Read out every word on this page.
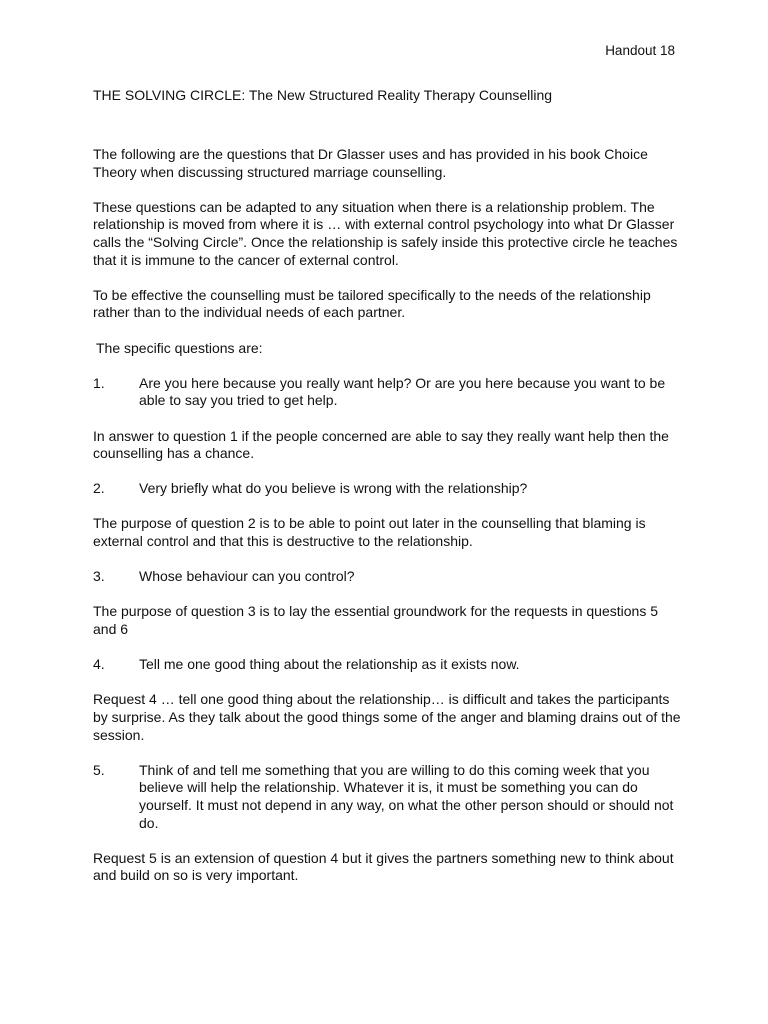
Handout 18

THE SOLVING CIRCLE: The New Structured Reality Therapy Counselling

The following are the questions that Dr Glasser uses and has provided in his book Choice Theory when discussing structured marriage counselling.

These questions can be adapted to any situation when there is a relationship problem. The relationship is moved from where it is … with external control psychology into what Dr Glasser calls the “Solving Circle”. Once the relationship is safely inside this protective circle he teaches that it is immune to the cancer of external control.

To be effective the counselling must be tailored specifically to the needs of the relationship rather than to the individual needs of each partner.

The specific questions are:

1.	Are you here because you really want help? Or are you here because you want to be able to say you tried to get help.

In answer to question 1 if the people concerned are able to say they really want help then the counselling has a chance.

2.	Very briefly what do you believe is wrong with the relationship?

The purpose of question 2 is to be able to point out later in the counselling that blaming is external control and that this is destructive to the relationship.

3.	Whose behaviour can you control?

The purpose of question 3 is to lay the essential groundwork for the requests in questions 5 and 6

4.	Tell me one good thing about the relationship as it exists now.

Request 4 … tell one good thing about the relationship… is difficult and takes the participants by surprise. As they talk about the good things some of the anger and blaming drains out of the session.

5.	Think of and tell me something that you are willing to do this coming week that you believe will help the relationship. Whatever it is, it must be something you can do yourself. It must not depend in any way, on what the other person should or should not do.

Request 5 is an extension of question 4 but it gives the partners something new to think about and build on so is very important.
